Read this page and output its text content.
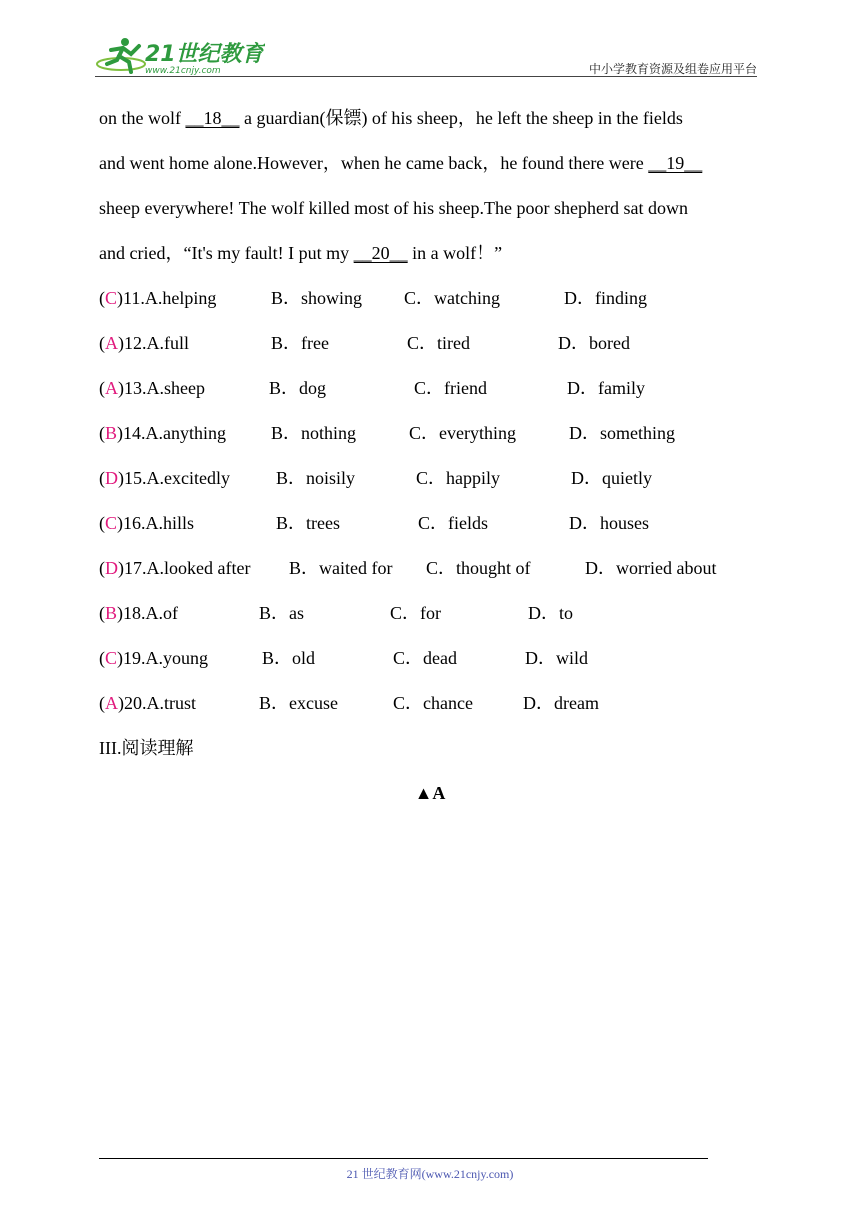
21世纪教育
www.21cnjy.com	中小学教育资源及组卷应用平台
on the wolf __18__ a guardian(保镖) of his sheep，he left the sheep in the fields
and went home alone.However，when he came back，he found there were __19__
sheep everywhere! The wolf killed most of his sheep.The poor shepherd sat down
and cried，“It's my fault! I put my __20__ in a wolf！”
(C)11.A.helping	B．showing C．watching	D．finding
(A)12.A.full	B．free	C．tired	D．bored
(A)13.A.sheep	B．dog	C．friend	D．family
(B)14.A.anything B．nothing	C．everything	D．something
(D)15.A.excitedly	B．noisily	C．happily	D．quietly
(C)16.A.hills	B．trees	C．fields	D．houses
(D)17.A.looked after B．waited for C．thought of	D．worried about
(B)18.A.of	B．as	C．for	D．to
(C)19.A.young	B．old	C．dead	D．wild
(A)20.A.trust	B．excuse	C．chance	D．dream
III.阅读理解
▲A
21 世纪教育网(www.21cnjy.com)
